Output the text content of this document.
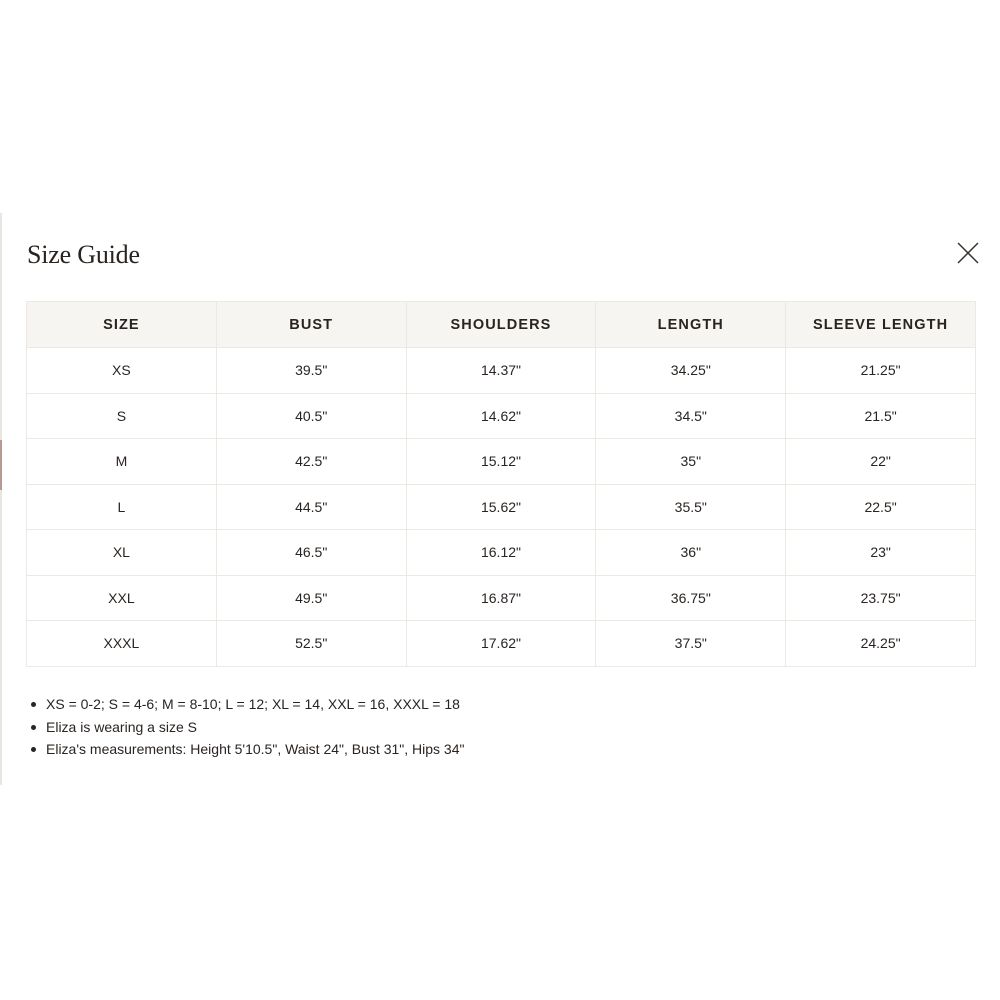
Size Guide
SIZE	BUST	SHOULDERS	LENGTH	SLEEVE LENGTH
XS	39.5"	14.37"	34.25"	21.25"
S	40.5"	14.62"	34.5"	21.5"
M	42.5"	15.12"	35"	22"
L	44.5"	15.62"	35.5"	22.5"
XL	46.5"	16.12"	36"	23"
XXL	49.5"	16.87"	36.75"	23.75"
XXXL	52.5"	17.62"	37.5"	24.25"
XS = 0-2; S = 4-6; M = 8-10; L = 12; XL = 14, XXL = 16, XXXL = 18
Eliza is wearing a size S
Eliza's measurements: Height 5'10.5", Waist 24", Bust 31", Hips 34"
